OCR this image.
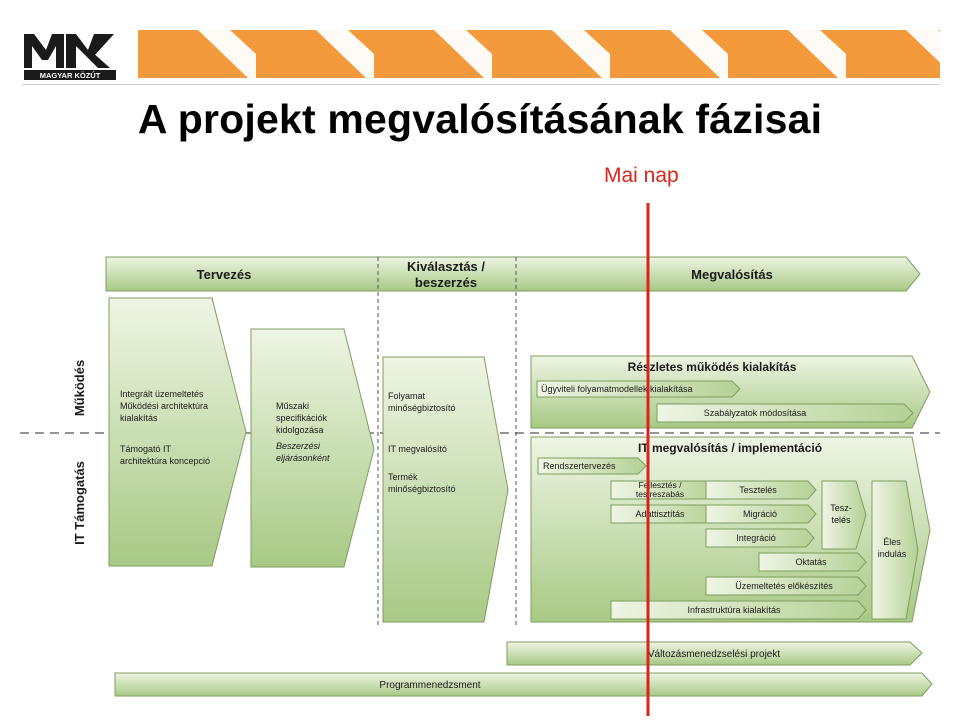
MAGYAR KÖZÚT
A projekt megvalósításának fázisai
Tervezés
Kiválasztás /
beszerzés
Megvalósítás
Működés
IT Támogatás
Integrált üzemeltetés
Működési architektúra
kialakítás
Támogató IT
architektúra koncepció
Műszaki
specifikációk
kidolgozása
Beszerzési
eljárásonként
Folyamat
minőségbiztosító
IT megvalósító
Termék
minőségbiztosító
Részletes működés kialakítás
Ügyviteli folyamatmodellek kialakítása
Szabályzatok módosítása
IT megvalósítás / implementáció
Rendszertervezés
Fejlesztés /
testreszabás	Tesztelés
Adattisztítás	Migráció
Integráció
Oktatás
Üzemeltetés előkészítés
Infrastruktúra kialakítás
Tesz-
telés
Éles
indulás
Változásmenedzselési projekt
Programmenedzsment
Mai nap
